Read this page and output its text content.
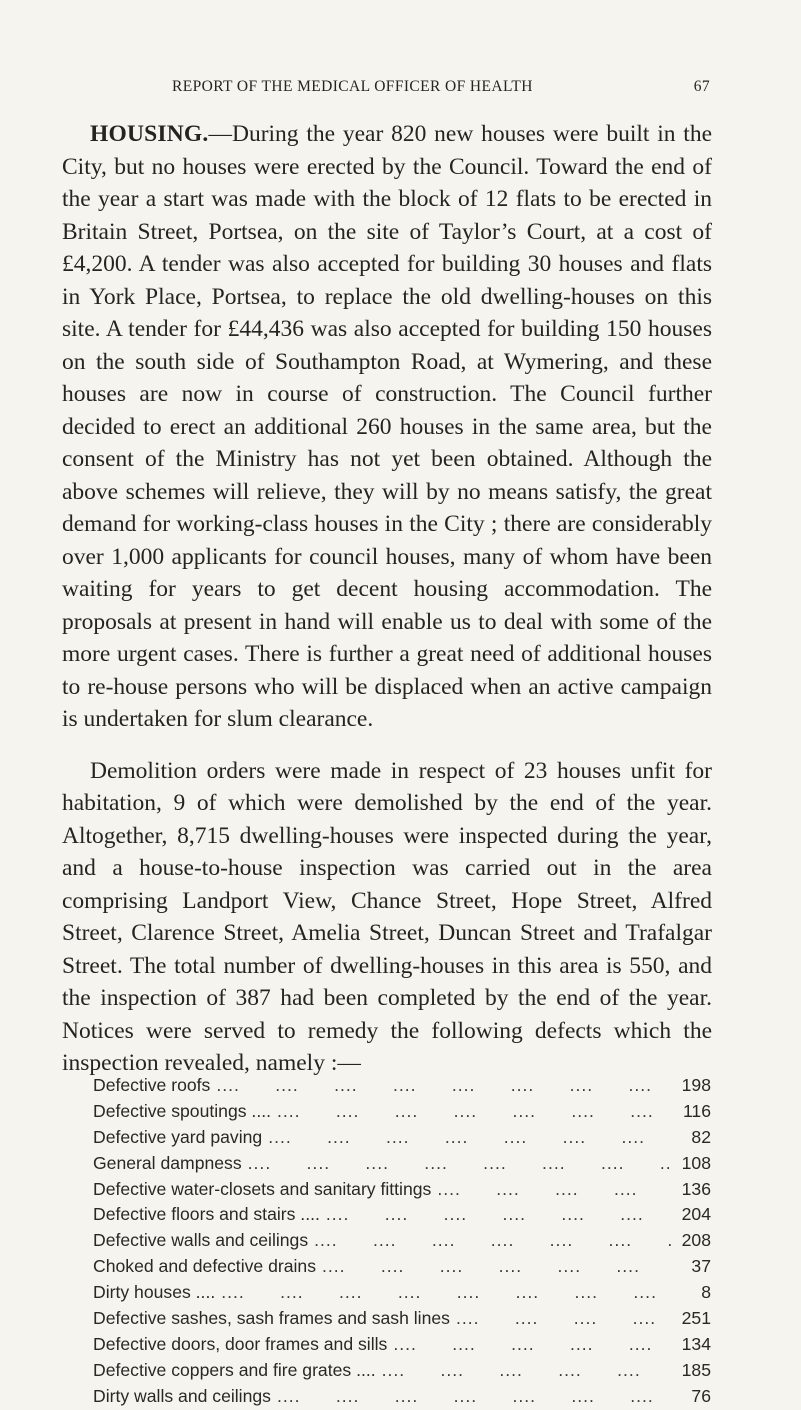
REPORT OF THE MEDICAL OFFICER OF HEALTH	67

HOUSING.—During the year 820 new houses were built in the City, but no houses were erected by the Council. Toward the end of the year a start was made with the block of 12 flats to be erected in Britain Street, Portsea, on the site of Taylor’s Court, at a cost of £4,200. A tender was also accepted for building 30 houses and flats in York Place, Portsea, to replace the old dwelling-houses on this site. A tender for £44,436 was also accepted for building 150 houses on the south side of Southampton Road, at Wymering, and these houses are now in course of construction. The Council further decided to erect an additional 260 houses in the same area, but the consent of the Ministry has not yet been obtained. Although the above schemes will relieve, they will by no means satisfy, the great demand for working-class houses in the City ; there are considerably over 1,000 applicants for council houses, many of whom have been waiting for years to get decent housing accommodation. The proposals at present in hand will enable us to deal with some of the more urgent cases. There is further a great need of additional houses to re-house persons who will be displaced when an active campaign is undertaken for slum clearance.

Demolition orders were made in respect of 23 houses unfit for habitation, 9 of which were demolished by the end of the year. Altogether, 8,715 dwelling-houses were inspected during the year, and a house-to-house inspection was carried out in the area comprising Landport View, Chance Street, Hope Street, Alfred Street, Clarence Street, Amelia Street, Duncan Street and Trafalgar Street. The total number of dwelling-houses in this area is 550, and the inspection of 387 had been completed by the end of the year. Notices were served to remedy the following defects which the inspection revealed, namely :—

Defective roofs ....	198
Defective spoutings .... ....	116
Defective yard paving ....	82
General dampness ....	108
Defective water-closets and sanitary fittings ....	136
Defective floors and stairs .... ....	204
Defective walls and ceilings ....	208
Choked and defective drains ....	37
Dirty houses .... ....	8
Defective sashes, sash frames and sash lines ....	251
Defective doors, door frames and sills ....	134
Defective coppers and fire grates .... ....	185
Dirty walls and ceilings ....	76
